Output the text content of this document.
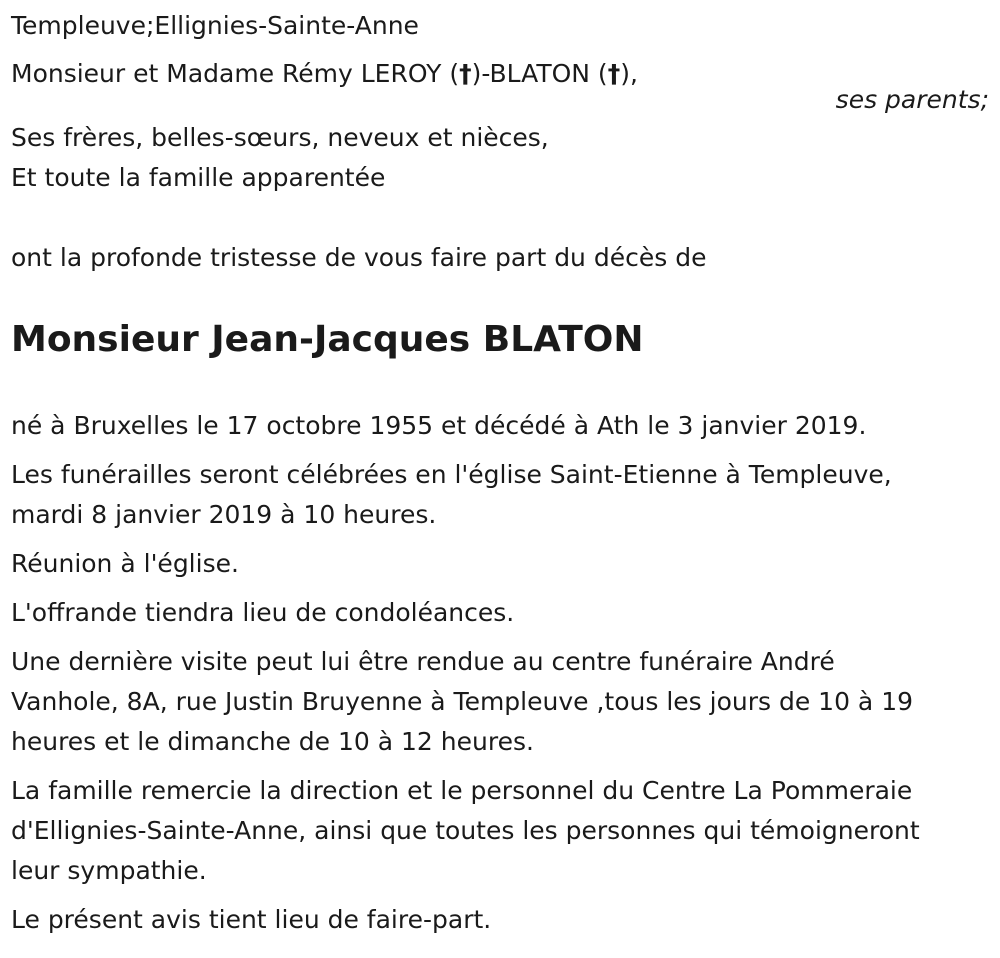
Templeuve;Ellignies-Sainte-Anne
Monsieur et Madame Rémy LEROY (†)-BLATON (†),
ses parents;
Ses frères, belles-sœurs, neveux et nièces,
Et toute la famille apparentée
ont la profonde tristesse de vous faire part du décès de
Monsieur Jean-Jacques BLATON

né à Bruxelles le 17 octobre 1955 et décédé à Ath le 3 janvier 2019.

Les funérailles seront célébrées en l'église Saint-Etienne à Templeuve,
mardi 8 janvier 2019 à 10 heures.

Réunion à l'église.

L'offrande tiendra lieu de condoléances.

Une dernière visite peut lui être rendue au centre funéraire André
Vanhole, 8A, rue Justin Bruyenne à Templeuve ,tous les jours de 10 à 19
heures et le dimanche de 10 à 12 heures.

La famille remercie la direction et le personnel du Centre La Pommeraie
d'Ellignies-Sainte-Anne, ainsi que toutes les personnes qui témoigneront
leur sympathie.

Le présent avis tient lieu de faire-part.
